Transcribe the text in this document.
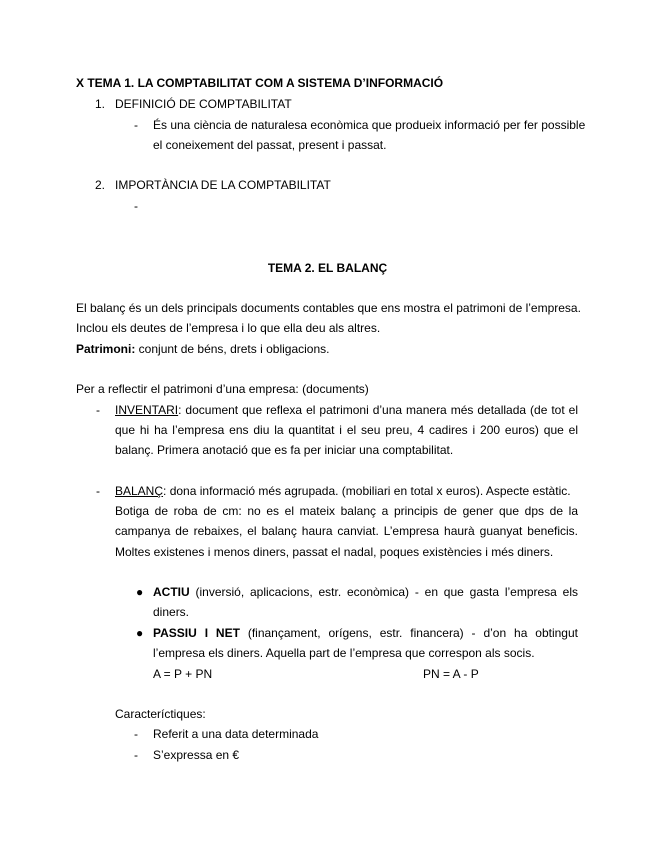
X TEMA 1. LA COMPTABILITAT COM A SISTEMA D’INFORMACIÓ
1. DEFINICIÓ DE COMPTABILITAT
- És una ciència de naturalesa econòmica que produeix informació per fer possible
el coneixement del passat, present i passat.
2. IMPORTÀNCIA DE LA COMPTABILITAT
-
TEMA 2. EL BALANÇ
El balanç és un dels principals documents contables que ens mostra el patrimoni de l’empresa.
Inclou els deutes de l’empresa i lo que ella deu als altres.
Patrimoni: conjunt de béns, drets i obligacions.
Per a reflectir el patrimoni d’una empresa: (documents)
- INVENTARI: document que reflexa el patrimoni d’una manera més detallada (de tot el
que hi ha l’empresa ens diu la quantitat i el seu preu, 4 cadires i 200 euros) que el
balanç. Primera anotació que es fa per iniciar una comptabilitat.
- BALANÇ: dona informació més agrupada. (mobiliari en total x euros). Aspecte estàtic.
Botiga de roba de cm: no es el mateix balanç a principis de gener que dps de la
campanya de rebaixes, el balanç haura canviat. L’empresa haurà guanyat beneficis.
Moltes existenes i menos diners, passat el nadal, poques existències i més diners.
● ACTIU (inversió, aplicacions, estr. econòmica) - en que gasta l’empresa els
diners.
● PASSIU I NET (finançament, orígens, estr. financera) - d’on ha obtingut
l’empresa els diners. Aquella part de l’empresa que correspon als socis.
A = P + PN	PN = A - P
Caracteríctiques:
- Referit a una data determinada
- S’expressa en €
